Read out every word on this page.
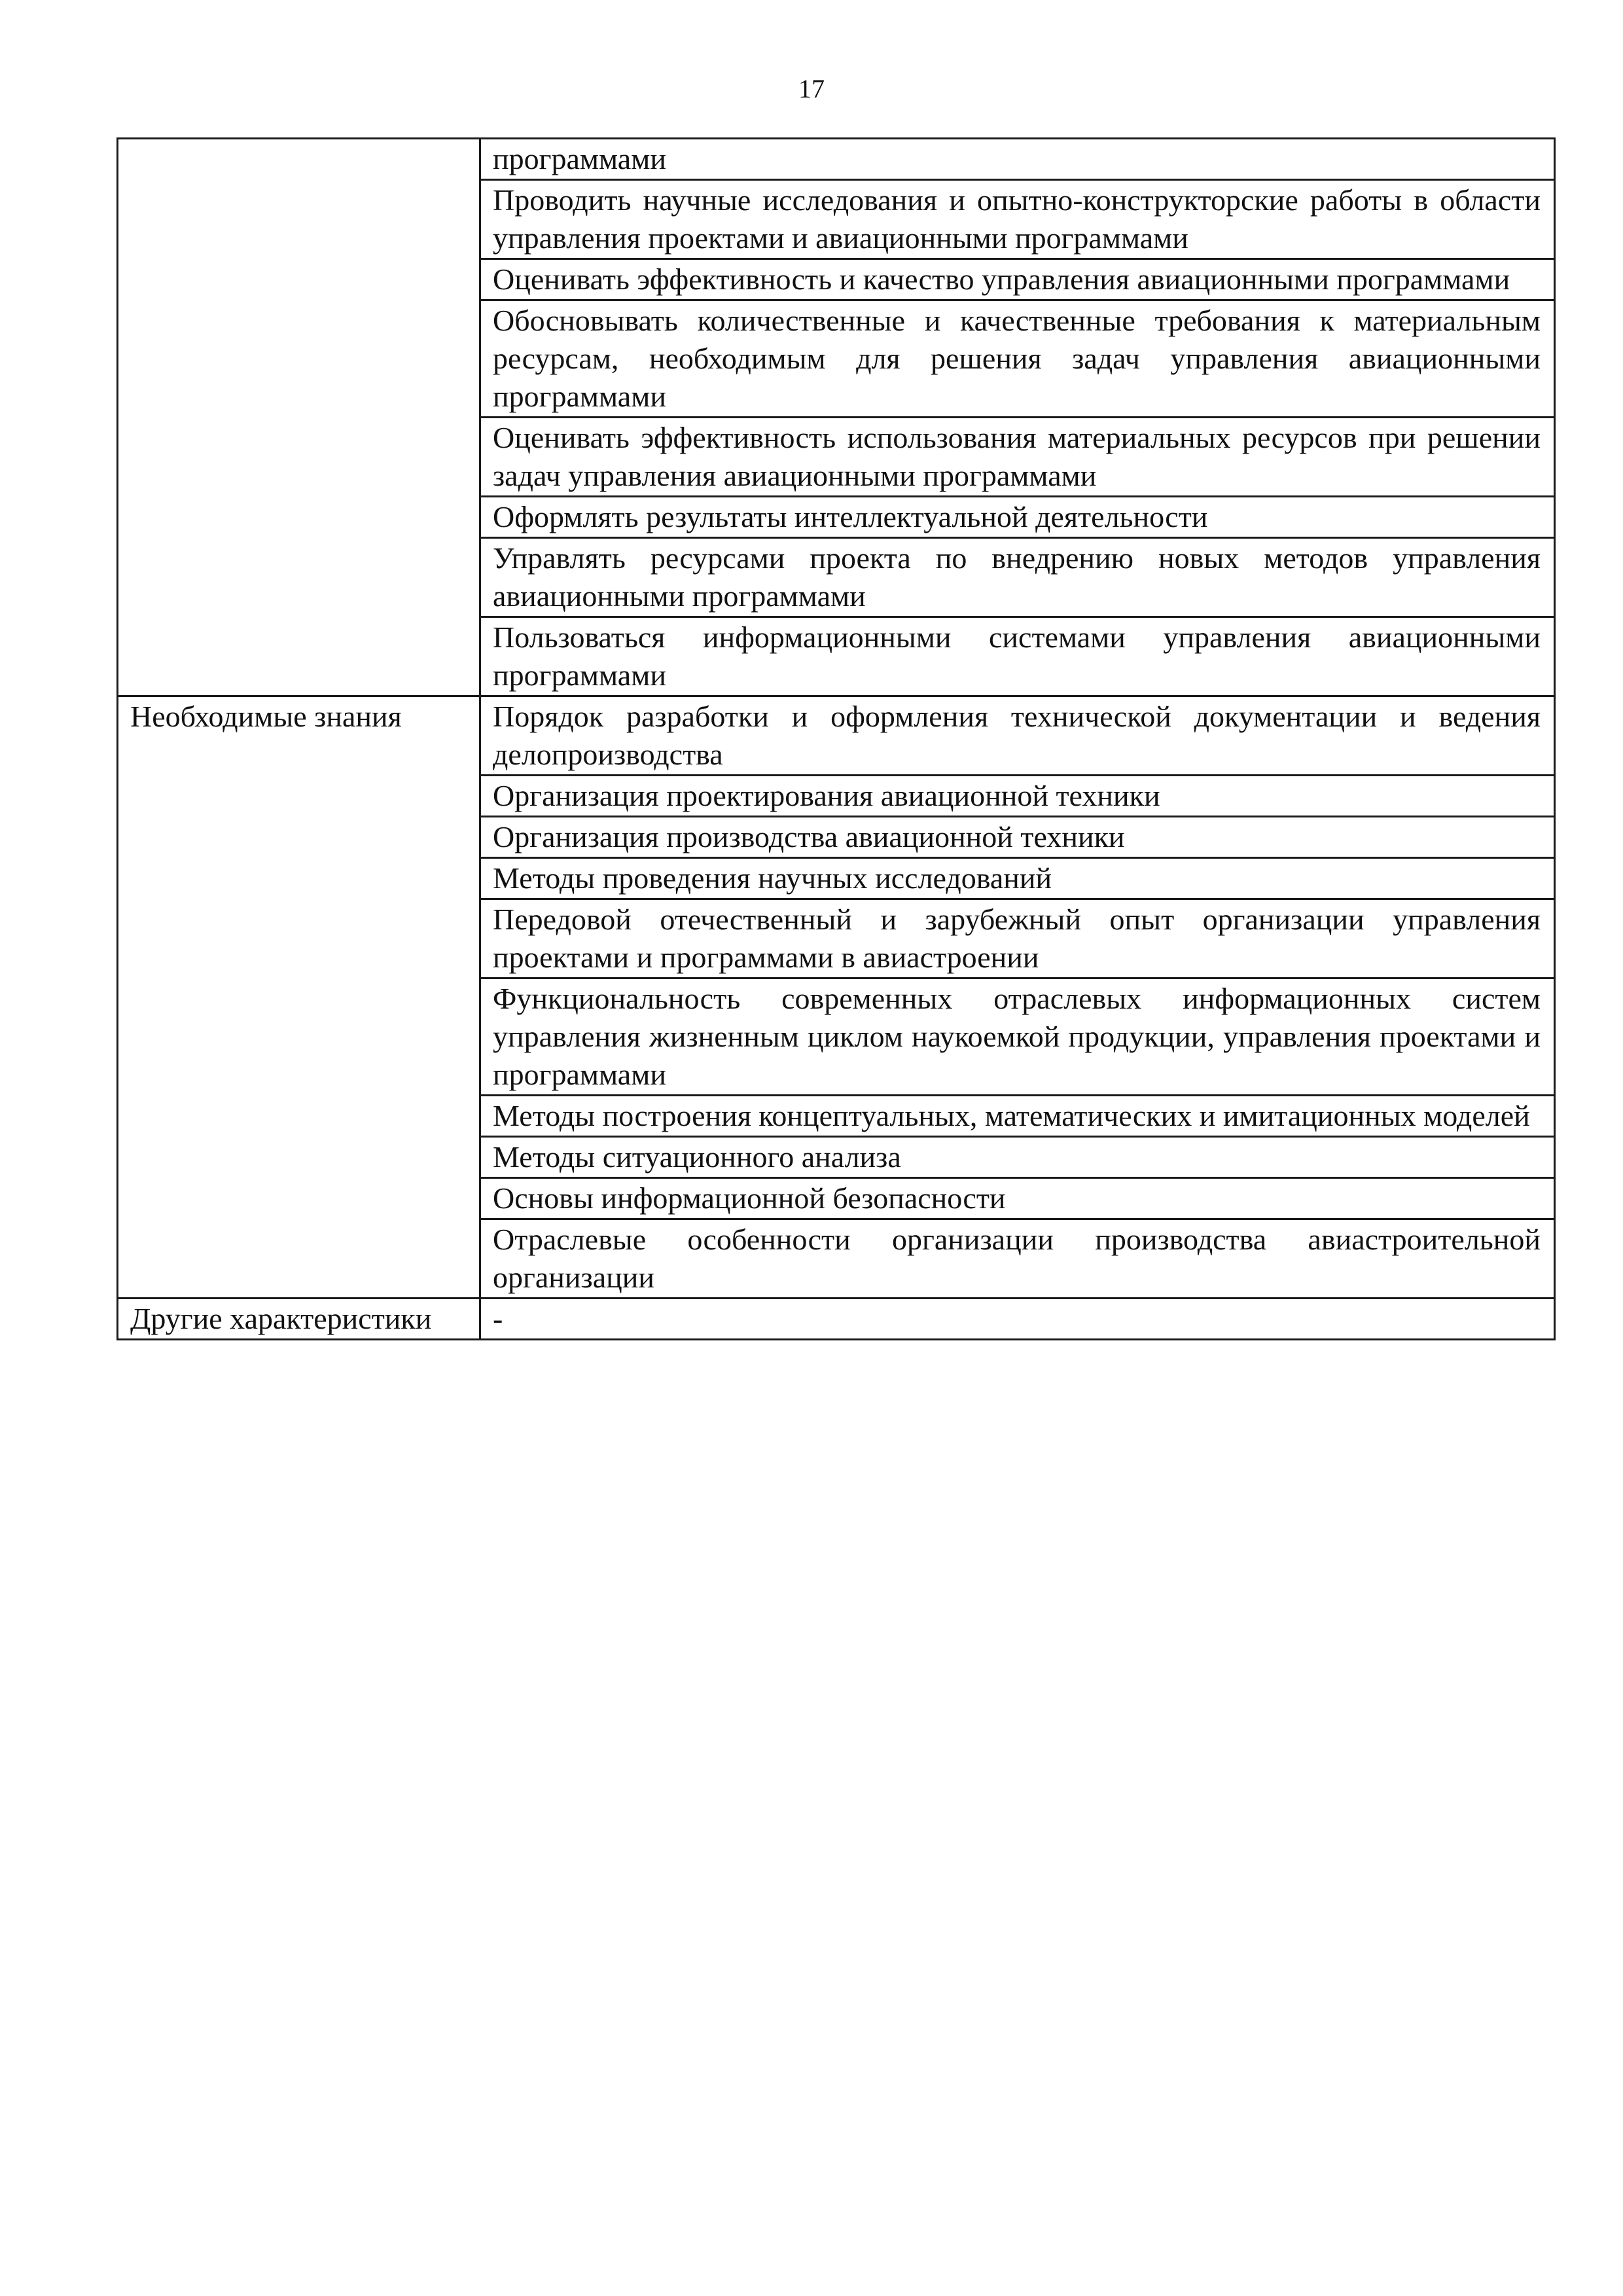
17
	программами
	Проводить научные исследования и опытно-конструкторские работы в области управления проектами и авиационными программами
	Оценивать эффективность и качество управления авиационными программами
	Обосновывать количественные и качественные требования к материальным ресурсам, необходимым для решения задач управления авиационными программами
	Оценивать эффективность использования материальных ресурсов при решении задач управления авиационными программами
	Оформлять результаты интеллектуальной деятельности
	Управлять ресурсами проекта по внедрению новых методов управления авиационными программами
	Пользоваться информационными системами управления авиационными программами
Необходимые знания	Порядок разработки и оформления технической документации и ведения делопроизводства
	Организация проектирования авиационной техники
	Организация производства авиационной техники
	Методы проведения научных исследований
	Передовой отечественный и зарубежный опыт организации управления проектами и программами в авиастроении
	Функциональность современных отраслевых информационных систем управления жизненным циклом наукоемкой продукции, управления проектами и программами
	Методы построения концептуальных, математических и имитационных моделей
	Методы ситуационного анализа
	Основы информационной безопасности
	Отраслевые особенности организации производства авиастроительной организации
Другие характеристики	-
